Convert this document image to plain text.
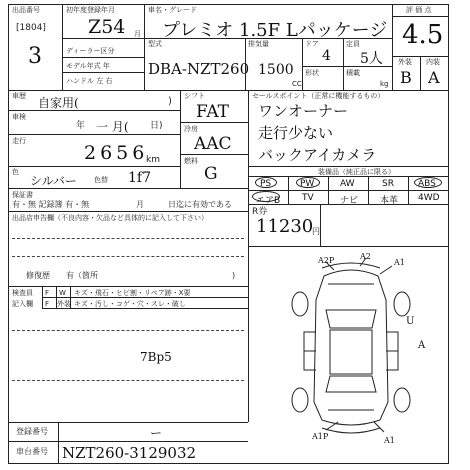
出品番号
[1804]
3
初年度登録年月
Z54 月
車名・グレード
プレミオ 1.5F Lパッケージ
ディーラー区分
モデル年式 年
ハンドル 左 右
型式
DBA-NZT260
排気量
1500
CC
ドア
4
形状
定員
5人
積載
kg
評 価 点
4.5
外装 内装
B A
車歴 自家用(	)
車検
年 一 月( 日)
走行
2656
km
色
シルバー 色替 1f7
シフト
FAT
冷房
AAC
燃料
G
セールスポイント（正常に機能するもの）
ワンオーナー
走行少ない
バックアイカメラ
装備品（純正品に限る）
PS	PW	AW	SR	ABS
エアB TV	ナビ 本革 4WD
R券
11230
円
保証書
有・無 記録簿 有・無	月	日迄に有効である
出品店申告欄（不良内容・欠品など具体的に記入して下さい）
修復歴 有（箇所	)
検査員
記入欄
F W キズ・飛石・ヒビ割・リペア跡・X要
F 外装 キズ・汚し・コゲ・穴・スレ・破し
7Bp5
A2P	A2
A1
U
A
A1P	A1
登録番号	ー
車台番号 NZT260-3129032
